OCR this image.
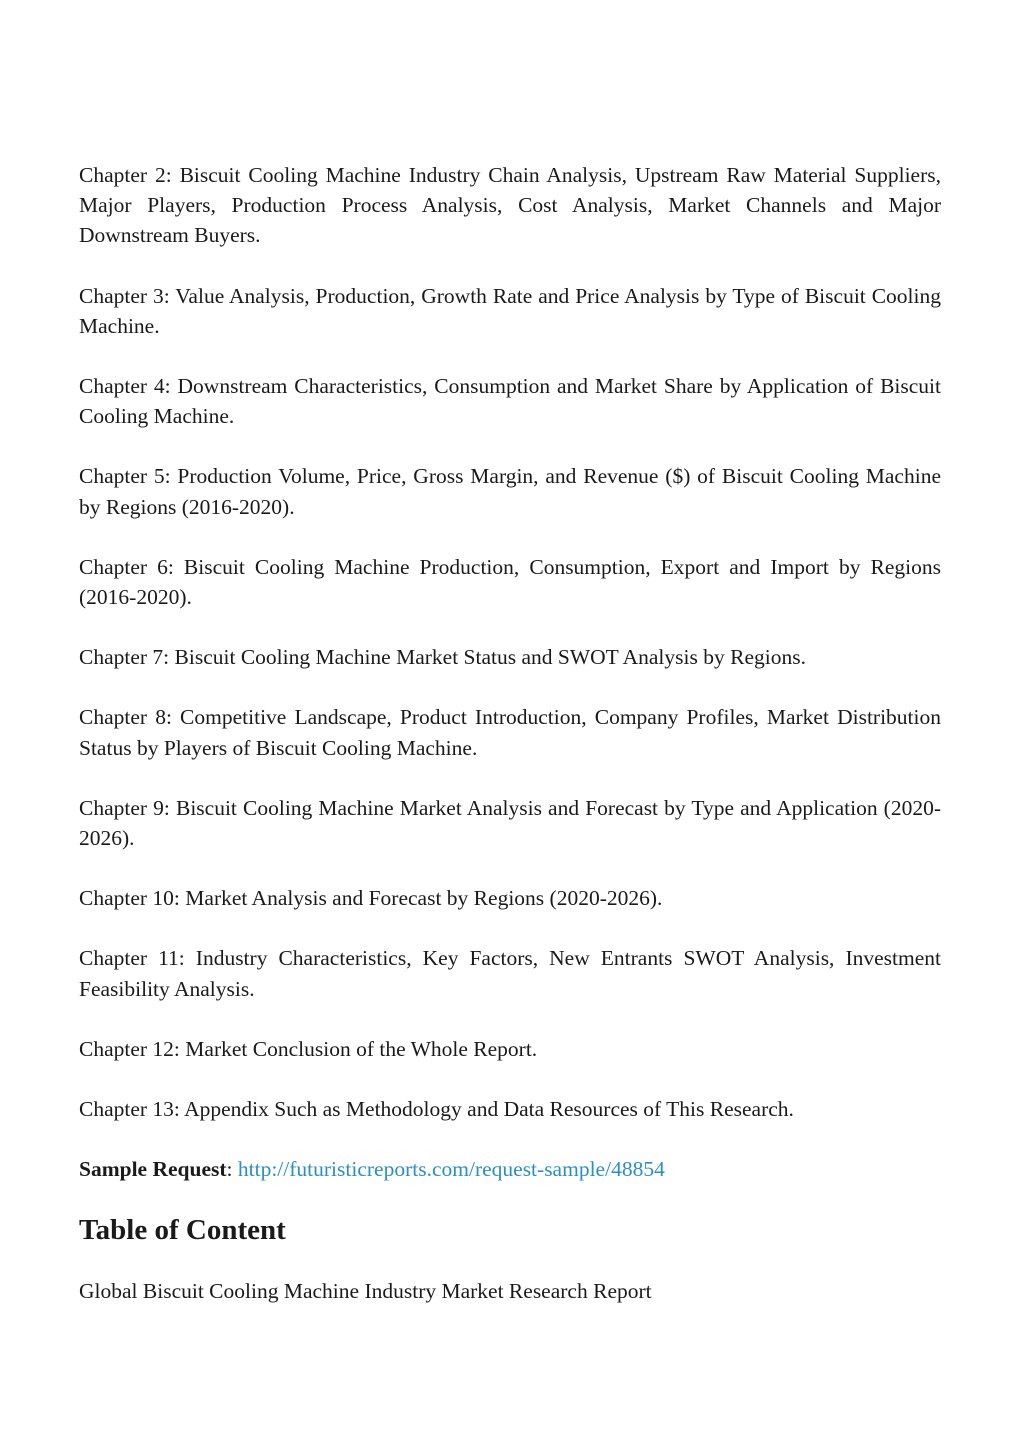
Chapter 2: Biscuit Cooling Machine Industry Chain Analysis, Upstream Raw Material Suppliers, Major Players, Production Process Analysis, Cost Analysis, Market Channels and Major Downstream Buyers.

Chapter 3: Value Analysis, Production, Growth Rate and Price Analysis by Type of Biscuit Cooling Machine.

Chapter 4: Downstream Characteristics, Consumption and Market Share by Application of Biscuit Cooling Machine.

Chapter 5: Production Volume, Price, Gross Margin, and Revenue ($) of Biscuit Cooling Machine by Regions (2016-2020).

Chapter 6: Biscuit Cooling Machine Production, Consumption, Export and Import by Regions (2016-2020).

Chapter 7: Biscuit Cooling Machine Market Status and SWOT Analysis by Regions.

Chapter 8: Competitive Landscape, Product Introduction, Company Profiles, Market Distribution Status by Players of Biscuit Cooling Machine.

Chapter 9: Biscuit Cooling Machine Market Analysis and Forecast by Type and Application (2020-2026).

Chapter 10: Market Analysis and Forecast by Regions (2020-2026).

Chapter 11: Industry Characteristics, Key Factors, New Entrants SWOT Analysis, Investment Feasibility Analysis.

Chapter 12: Market Conclusion of the Whole Report.

Chapter 13: Appendix Such as Methodology and Data Resources of This Research.

Sample Request: http://futuristicreports.com/request-sample/48854

Table of Content

Global Biscuit Cooling Machine Industry Market Research Report
